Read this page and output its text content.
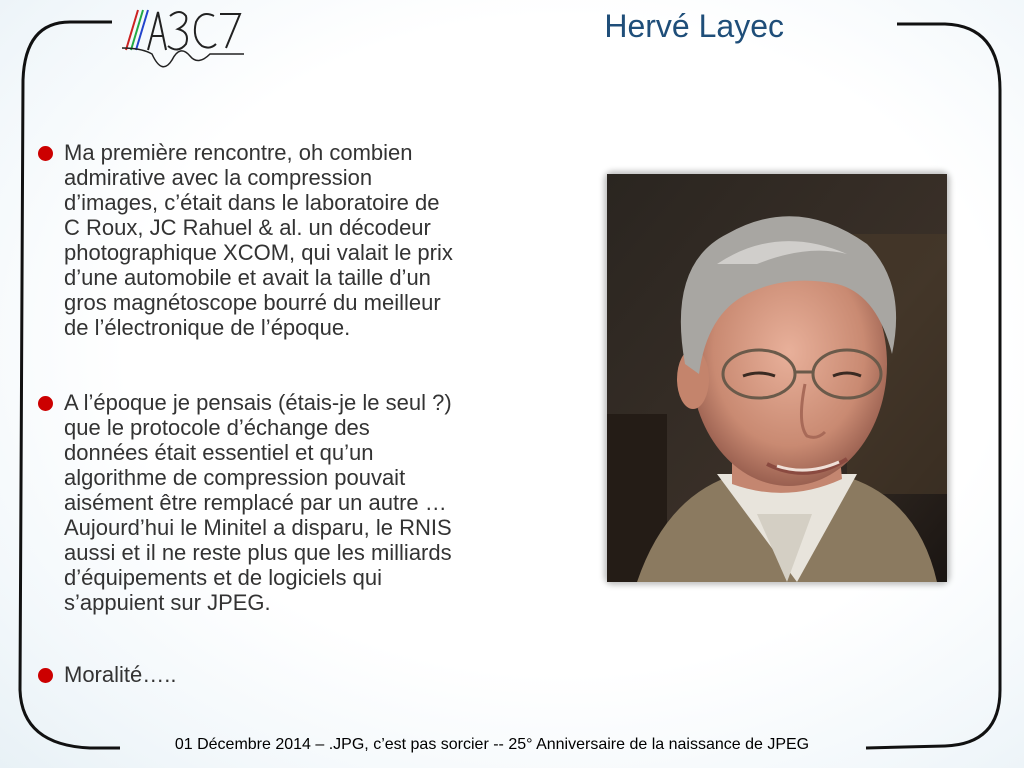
A3C7
Hervé Layec
Ma première rencontre, oh combien
admirative avec la compression
d’images, c’était dans le laboratoire de
C Roux, JC Rahuel & al. un décodeur
photographique XCOM, qui valait le prix
d’une automobile et avait la taille d’un
gros magnétoscope bourré du meilleur
de l’électronique de l’époque.
A l’époque je pensais (étais-je le seul ?)
que le protocole d’échange des
données était essentiel et qu’un
algorithme de compression pouvait
aisément être remplacé par un autre …
Aujourd’hui le Minitel a disparu, le RNIS
aussi et il ne reste plus que les milliards
d’équipements et de logiciels qui
s’appuient sur JPEG.
Moralité…..
01 Décembre 2014 – .JPG, c’est pas sorcier -- 25° Anniversaire de la naissance de JPEG
